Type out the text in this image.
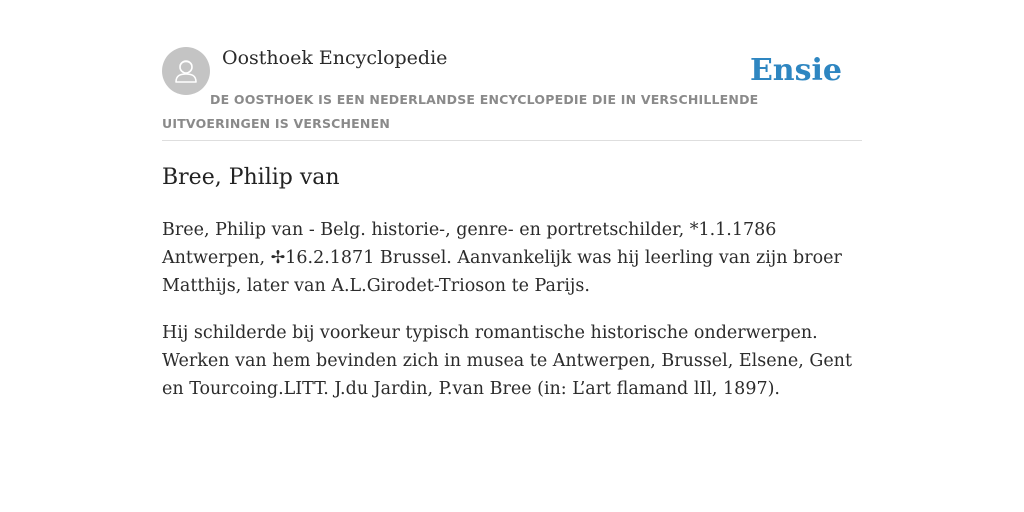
Oosthoek Encyclopedie	Ensie
DE OOSTHOEK IS EEN NEDERLANDSE ENCYCLOPEDIE DIE IN VERSCHILLENDE UITVOERINGEN IS VERSCHENEN
Bree, Philip van

Bree, Philip van - Belg. historie-, genre- en portretschilder, *1.1.1786 Antwerpen, ✢16.2.1871 Brussel. Aanvankelijk was hij leerling van zijn broer Matthijs, later van A.L.Girodet-Trioson te Parijs.

Hij schilderde bij voorkeur typisch romantische historische onderwerpen. Werken van hem bevinden zich in musea te Antwerpen, Brussel, Elsene, Gent en Tourcoing.LITT. J.du Jardin, P.van Bree (in: L’art flamand lIl, 1897).
